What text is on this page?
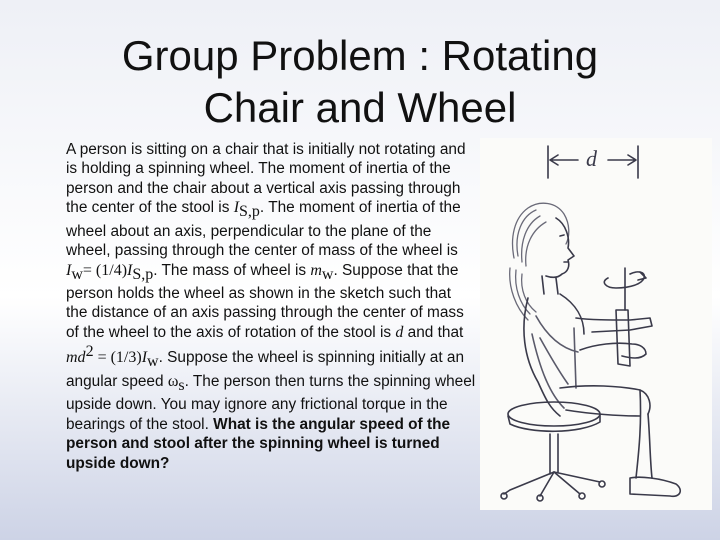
Group Problem : Rotating
Chair and Wheel
A person is sitting on a chair that is initially not rotating and is holding a spinning wheel. The moment of inertia of the person and the chair about a vertical axis passing through the center of the stool is $I_{S,p}$. The moment of inertia of the wheel about an axis, perpendicular to the plane of the wheel, passing through the center of mass of the wheel is $I_w= (1/4)I_{S,p}$. The mass of wheel is $m_w$. Suppose that the person holds the wheel as shown in the sketch such that the distance of an axis passing through the center of mass of the wheel to the axis of rotation of the stool is d and that $md^2 = (1/3)I_w$. Suppose the wheel is spinning initially at an angular speed $\omega_s$. The person then turns the spinning wheel upside down. You may ignore any frictional torque in the bearings of the stool. What is the angular speed of the person and stool after the spinning wheel is turned upside down?
d
